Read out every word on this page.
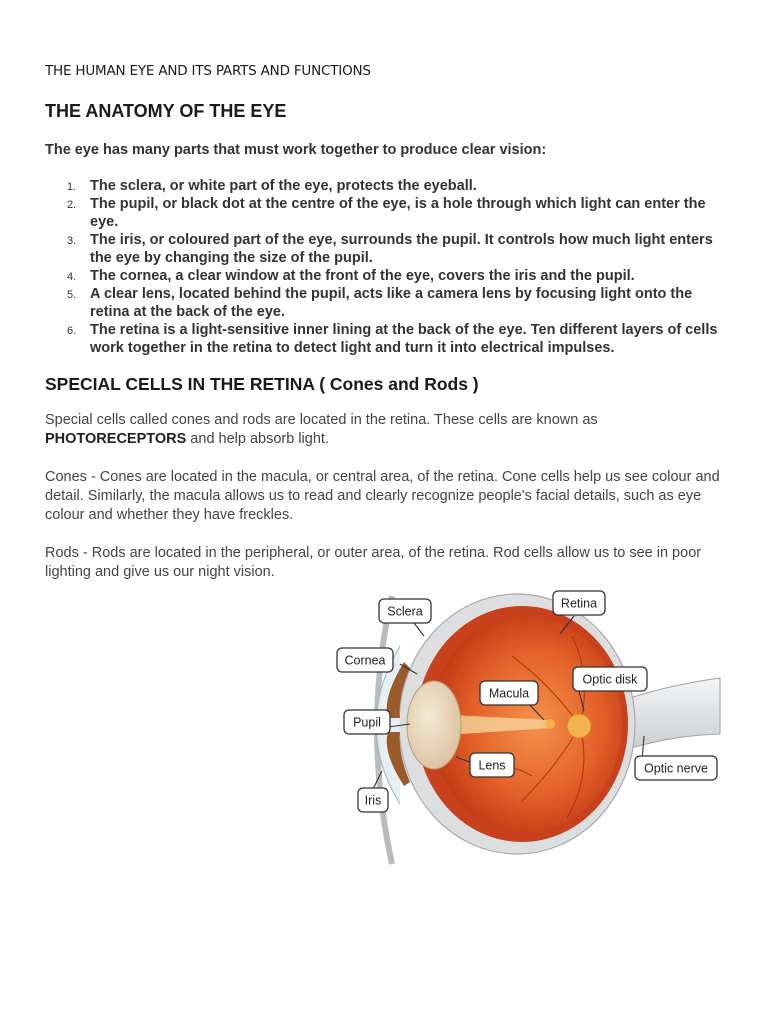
THE HUMAN EYE AND ITS PARTS AND FUNCTIONS
THE ANATOMY OF THE EYE
The eye has many parts that must work together to produce clear vision:
1. The sclera, or white part of the eye, protects the eyeball.
2. The pupil, or black dot at the centre of the eye, is a hole through which light can enter the eye.
3. The iris, or coloured part of the eye, surrounds the pupil. It controls how much light enters the eye by changing the size of the pupil.
4. The cornea, a clear window at the front of the eye, covers the iris and the pupil.
5. A clear lens, located behind the pupil, acts like a camera lens by focusing light onto the retina at the back of the eye.
6. The retina is a light-sensitive inner lining at the back of the eye. Ten different layers of cells work together in the retina to detect light and turn it into electrical impulses.
SPECIAL CELLS IN THE RETINA ( Cones and Rods )
Special cells called cones and rods are located in the retina. These cells are known as
PHOTORECEPTORS and help absorb light.
Cones - Cones are located in the macula, or central area, of the retina. Cone cells help us see colour and detail. Similarly, the macula allows us to read and clearly recognize people's facial details, such as eye colour and whether they have freckles.
Rods - Rods are located in the peripheral, or outer area, of the retina. Rod cells allow us to see in poor lighting and give us our night vision.
Sclera
Retina
Cornea
Optic disk
Macula
Pupil
Lens	Optic nerve
Iris
